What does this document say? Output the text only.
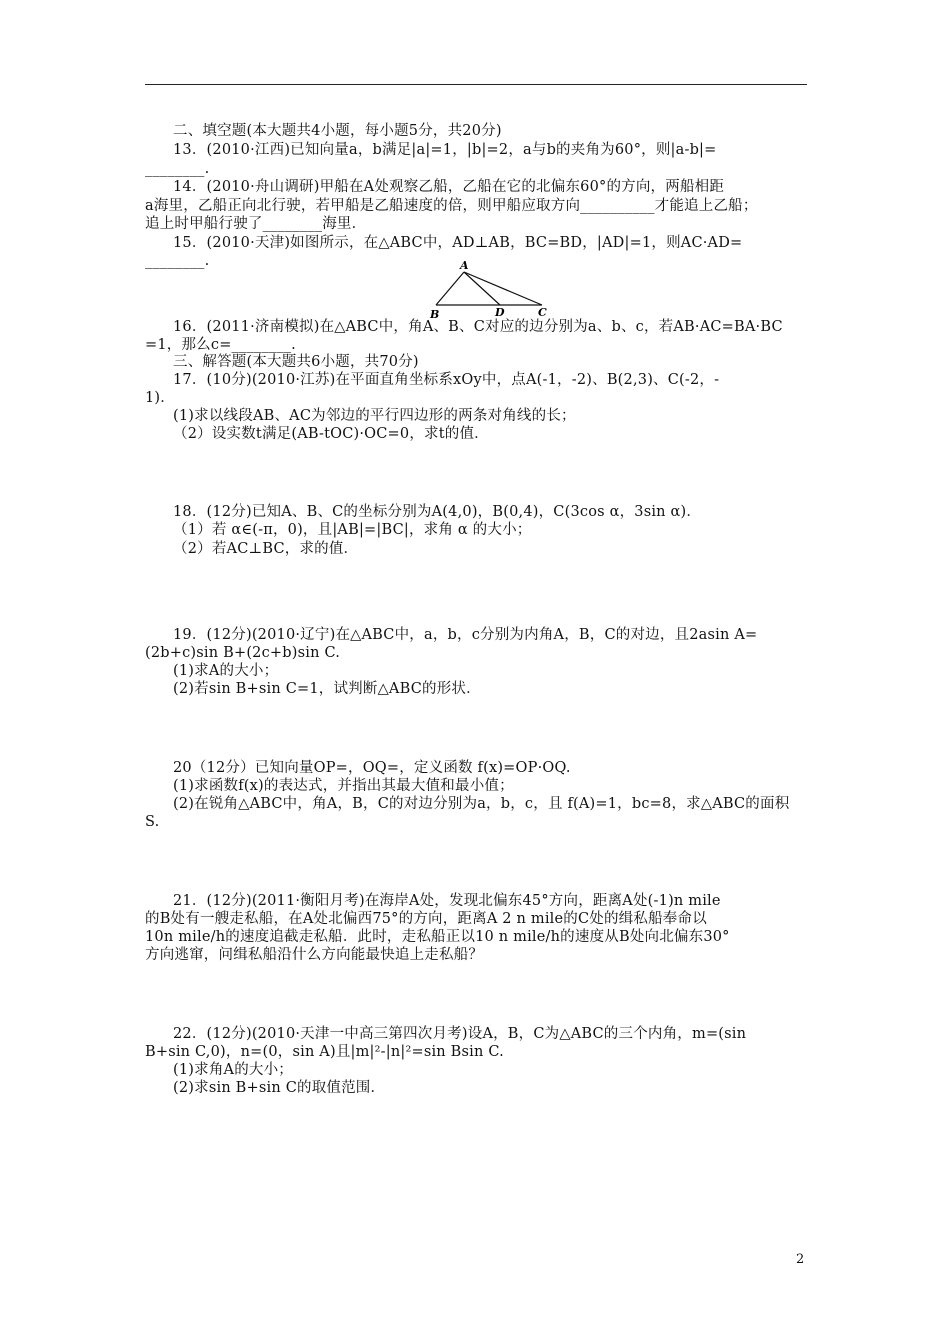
二、填空题(本大题共4小题，每小题5分，共20分)
13．(2010·江西)已知向量a，b满足|a|=1，|b|=2，a与b的夹角为60°，则|a-b|=
________.
14．(2010·舟山调研)甲船在A处观察乙船，乙船在它的北偏东60°的方向，两船相距
a海里，乙船正向北行驶，若甲船是乙船速度的倍，则甲船应取方向__________才能追上乙船；
追上时甲船行驶了________海里．
15．(2010·天津)如图所示，在△ABC中，AD⊥AB，BC=BD，|AD|=1，则AC·AD=
________.	A
B	D	C
16．(2011·济南模拟)在△ABC中，角A、B、C对应的边分别为a、b、c，若AB·AC=BA·BC
=1，那么c=________.
三、解答题(本大题共6小题，共70分)
17．(10分)(2010·江苏)在平面直角坐标系xOy中，点A(-1，-2)、B(2,3)、C(-2，-
1)．
(1)求以线段AB、AC为邻边的平行四边形的两条对角线的长；
（2）设实数t满足(AB-tOC)·OC=0，求t的值．
18．(12分)已知A、B、C的坐标分别为A(4,0)，B(0,4)，C(3cos α，3sin α)．
（1）若 α∈(-π，0)，且|AB|=|BC|，求角 α 的大小；
（2）若AC⊥BC，求的值．
19．(12分)(2010·辽宁)在△ABC中，a，b，c分别为内角A，B，C的对边，且2asin A=
(2b+c)sin B+(2c+b)sin C.
(1)求A的大小；
(2)若sin B+sin C=1，试判断△ABC的形状．
20（12分）已知向量OP=，OQ=，定义函数 f(x)=OP·OQ.
(1)求函数f(x)的表达式，并指出其最大值和最小值；
(2)在锐角△ABC中，角A，B，C的对边分别为a，b，c，且 f(A)=1，bc=8，求△ABC的面积
S.
21．(12分)(2011·衡阳月考)在海岸A处，发现北偏东45°方向，距离A处(-1)n mile
的B处有一艘走私船，在A处北偏西75°的方向，距离A 2 n mile的C处的缉私船奉命以
10n mile/h的速度追截走私船．此时，走私船正以10 n mile/h的速度从B处向北偏东30°
方向逃窜，问缉私船沿什么方向能最快追上走私船？
22．(12分)(2010·天津一中高三第四次月考)设A，B，C为△ABC的三个内角，m=(sin
B+sin C,0)，n=(0，sin A)且|m|²-|n|²=sin Bsin C.
(1)求角A的大小；
(2)求sin B+sin C的取值范围．
2
